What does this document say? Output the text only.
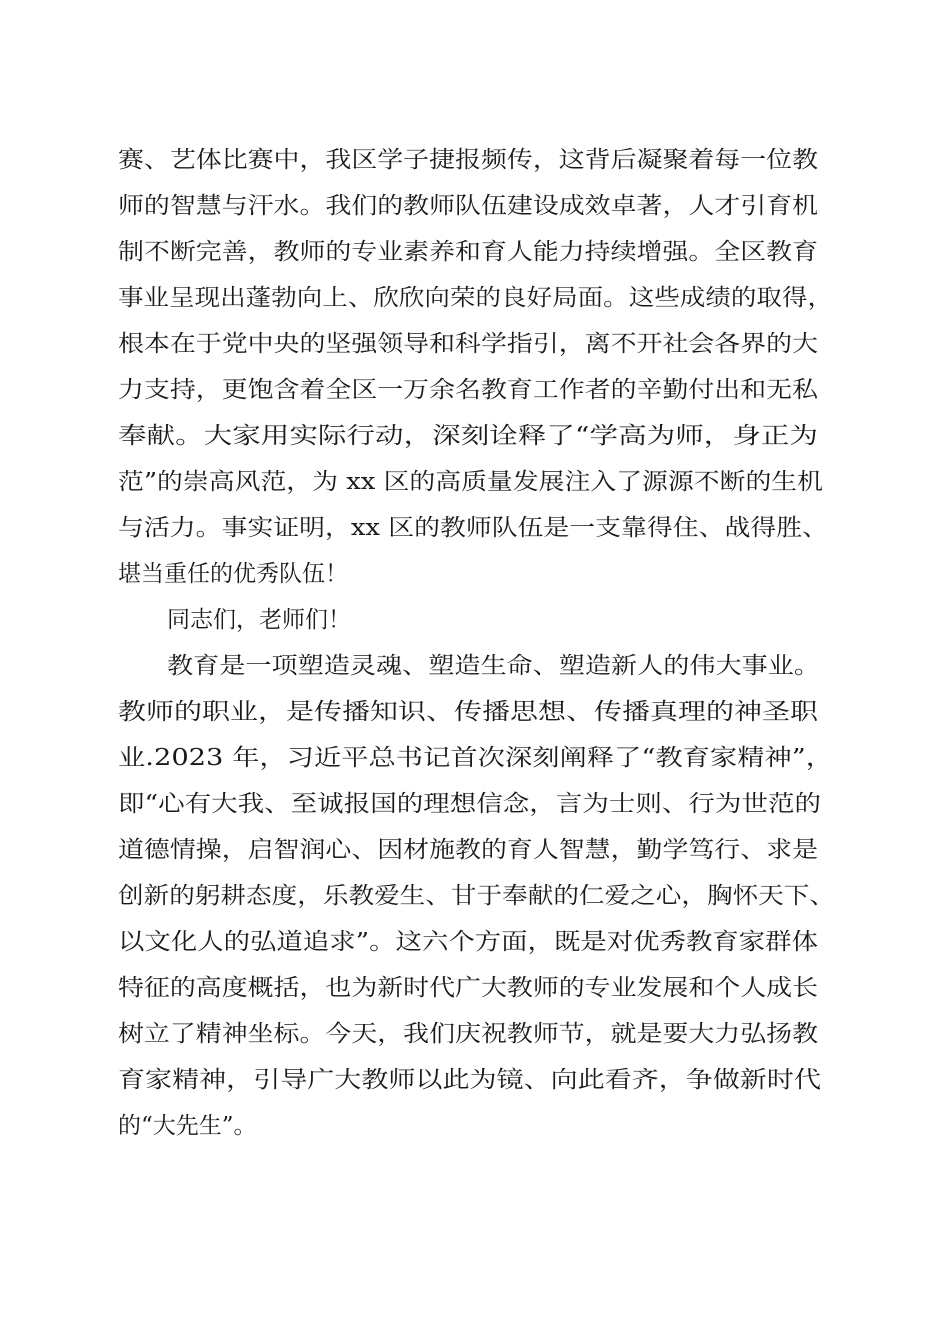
赛、艺体比赛中，我区学子捷报频传，这背后凝聚着每一位教
师的智慧与汗水。我们的教师队伍建设成效卓著，人才引育机
制不断完善，教师的专业素养和育人能力持续增强。全区教育
事业呈现出蓬勃向上、欣欣向荣的良好局面。这些成绩的取得，
根本在于党中央的坚强领导和科学指引，离不开社会各界的大
力支持，更饱含着全区一万余名教育工作者的辛勤付出和无私
奉献。大家用实际行动，深刻诠释了“学高为师，身正为
范”的崇高风范，为 xx 区的高质量发展注入了源源不断的生机
与活力。事实证明，xx 区的教师队伍是一支靠得住、战得胜、
堪当重任的优秀队伍！
同志们，老师们！
教育是一项塑造灵魂、塑造生命、塑造新人的伟大事业。
教师的职业，是传播知识、传播思想、传播真理的神圣职
业.2023 年，习近平总书记首次深刻阐释了“教育家精神”，
即“心有大我、至诚报国的理想信念，言为士则、行为世范的
道德情操，启智润心、因材施教的育人智慧，勤学笃行、求是
创新的躬耕态度，乐教爱生、甘于奉献的仁爱之心，胸怀天下、
以文化人的弘道追求”。这六个方面，既是对优秀教育家群体
特征的高度概括，也为新时代广大教师的专业发展和个人成长
树立了精神坐标。今天，我们庆祝教师节，就是要大力弘扬教
育家精神，引导广大教师以此为镜、向此看齐，争做新时代
的“大先生”。
